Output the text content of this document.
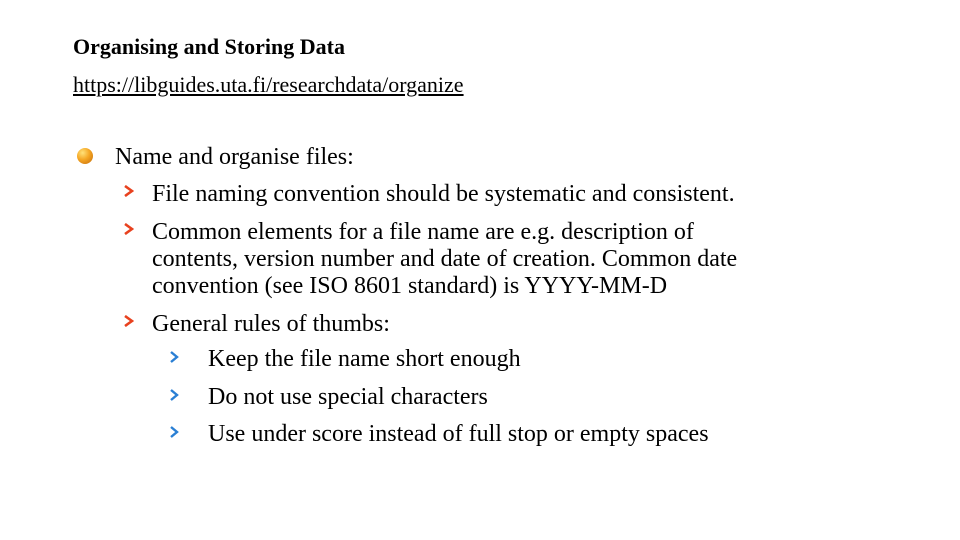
Organising and Storing Data
https://libguides.uta.fi/researchdata/organize
Name and organise files:
File naming convention should be systematic and consistent.
Common elements for a file name are e.g. description of
contents, version number and date of creation. Common date
convention (see ISO 8601 standard) is YYYY-MM-D
General rules of thumbs:
Keep the file name short enough
Do not use special characters
Use under score instead of full stop or empty spaces
